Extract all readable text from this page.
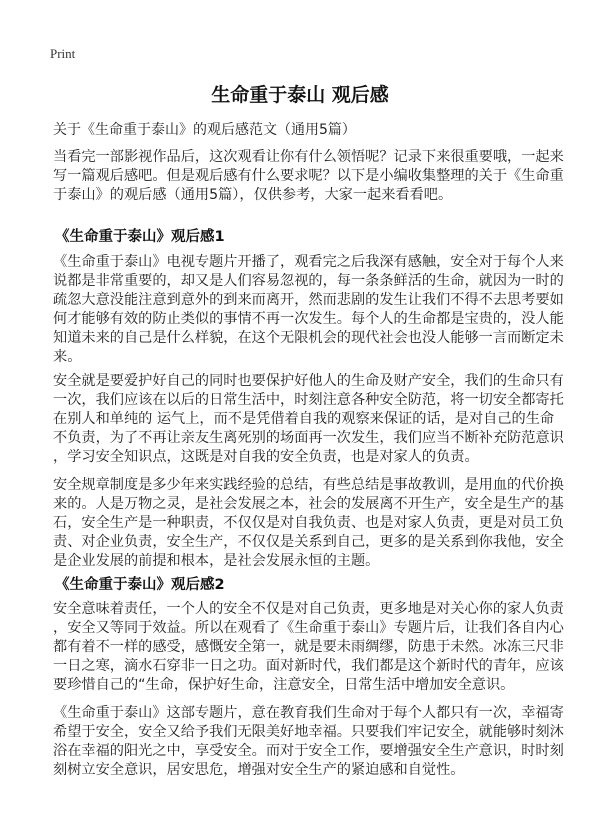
Print
生命重于泰山 观后感
关于《生命重于泰山》的观后感范文（通用5篇）
当看完一部影视作品后，这次观看让你有什么领悟呢？记录下来很重要哦，一起来
写一篇观后感吧。但是观后感有什么要求呢？以下是小编收集整理的关于《生命重
于泰山》的观后感（通用5篇），仅供参考，大家一起来看看吧。
《生命重于泰山》观后感1
《生命重于泰山》电视专题片开播了，观看完之后我深有感触，安全对于每个人来
说都是非常重要的，却又是人们容易忽视的，每一条条鲜活的生命，就因为一时的
疏忽大意没能注意到意外的到来而离开，然而悲剧的发生让我们不得不去思考要如
何才能够有效的防止类似的事情不再一次发生。每个人的生命都是宝贵的，没人能
知道未来的自己是什么样貌，在这个无限机会的现代社会也没人能够一言而断定未
来。
安全就是要爱护好自己的同时也要保护好他人的生命及财产安全，我们的生命只有
一次，我们应该在以后的日常生活中，时刻注意各种安全防范，将一切安全都寄托
在别人和单纯的 运气上，而不是凭借着自我的观察来保证的话，是对自己的生命
不负责，为了不再让亲友生离死别的场面再一次发生，我们应当不断补充防范意识
，学习安全知识点，这既是对自我的安全负责，也是对家人的负责。
安全规章制度是多少年来实践经验的总结，有些总结是事故教训，是用血的代价换
来的。人是万物之灵，是社会发展之本，社会的发展离不开生产，安全是生产的基
石，安全生产是一种职责，不仅仅是对自我负责、也是对家人负责，更是对员工负
责、对企业负责，安全生产，不仅仅是关系到自己，更多的是关系到你我他，安全
是企业发展的前提和根本，是社会发展永恒的主题。
《生命重于泰山》观后感2
安全意味着责任，一个人的安全不仅是对自己负责，更多地是对关心你的家人负责
，安全又等同于效益。所以在观看了《生命重于泰山》专题片后，让我们各自内心
都有着不一样的感受，感慨安全第一，就是要未雨绸缪，防患于未然。冰冻三尺非
一日之寒，滴水石穿非一日之功。面对新时代，我们都是这个新时代的青年，应该
要珍惜自己的“生命，保护好生命，注意安全，日常生活中增加安全意识。
《生命重于泰山》这部专题片，意在教育我们生命对于每个人都只有一次，幸福寄
希望于安全，安全又给予我们无限美好地幸福。只要我们牢记安全，就能够时刻沐
浴在幸福的阳光之中，享受安全。而对于安全工作，要增强安全生产意识，时时刻
刻树立安全意识，居安思危，增强对安全生产的紧迫感和自觉性。
